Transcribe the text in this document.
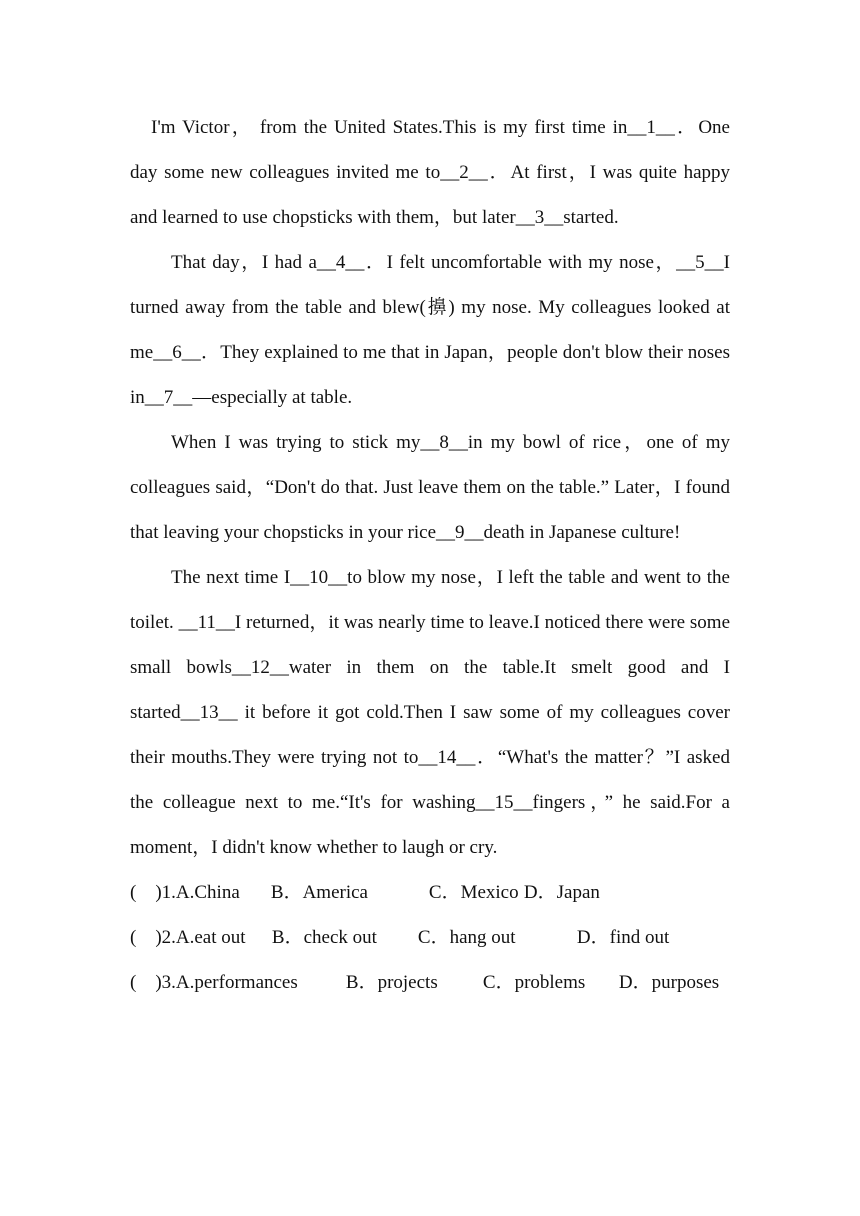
I'm Victor， from the United States.This is my first time in__1__．One day some new colleagues invited me to__2__．At first，I was quite happy and learned to use chopsticks with them，but later__3__started.

That day，I had a__4__．I felt uncomfortable with my nose，__5__I turned away from the table and blew(擤) my nose. My colleagues looked at me__6__．They explained to me that in Japan，people don't blow their noses in__7__—especially at table.

When I was trying to stick my__8__in my bowl of rice，one of my colleagues said，“Don't do that. Just leave them on the table.” Later，I found that leaving your chopsticks in your rice__9__death in Japanese culture!

The next time I__10__to blow my nose，I left the table and went to the toilet. __11__I returned，it was nearly time to leave.I noticed there were some small bowls__12__water in them on the table.It smelt good and I started__13__ it before it got cold.Then I saw some of my colleagues cover their mouths.They were trying not to__14__．“What's the matter？”I asked the colleague next to me.“It's for washing__15__fingers，” he said.For a moment，I didn't know whether to laugh or cry.

(　)1. A.China	B．America	C．Mexico D．Japan
(　)2. A.eat out	B．check out	C．hang out	D．find out
(　)3. A.performances	B．projects	C．problems	D．purposes
